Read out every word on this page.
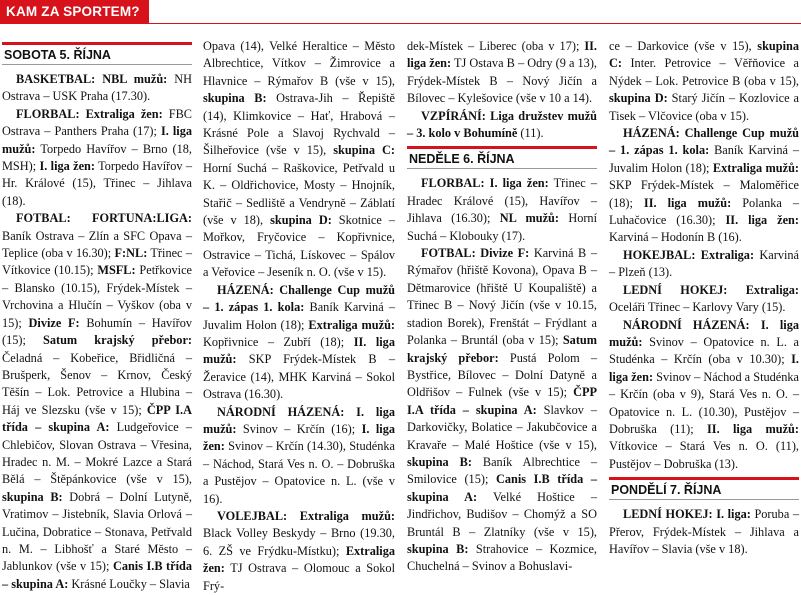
KAM ZA SPORTEM?
SOBOTA 5. ŘÍJNA

BASKETBAL: NBL mužů: NH Ostrava – USK Praha (17.30).

FLORBAL: Extraliga žen: FBC Ostrava – Panthers Praha (17); I. liga mužů: Torpedo Havířov – Brno (18, MSH); I. liga žen: Torpedo Havířov – Hr. Králové (15), Třinec – Jihlava (18).

FOTBAL: FORTUNA:LIGA: Baník Ostrava – Zlín a SFC Opava – Teplice (oba v 16.30); F:NL: Třinec – Vítkovice (10.15); MSFL: Petřkovice – Blansko (10.15), Frýdek-Místek – Vrchovina a Hlučín – Vyškov (oba v 15); Divize F: Bohumín – Havířov (15); Satum krajský přebor: Čeladná – Kobeřice, Břidličná – Brušperk, Šenov – Krnov, Český Těšín – Lok. Petrovice a Hlubina – Háj ve Slezsku (vše v 15); ČPP I.A třída – skupina A: Ludgeřovice – Chlebičov, Slovan Ostrava – Vřesina, Hradec n. M. – Mokré Lazce a Stará Bělá – Štěpánkovice (vše v 15), skupina B: Dobrá – Dolní Lutyně, Vratimov – Jistebník, Slavia Orlová – Lučina, Dobratice – Stonava, Petřvald n. M. – Libhošť a Staré Město – Jablunkov (vše v 15); Canis I.B třída – skupina A: Krásné Loučky – Slavia

Opava (14), Velké Heraltice – Město Albrechtice, Vítkov – Žimrovice a Hlavnice – Rýmařov B (vše v 15), skupina B: Ostrava-Jih – Řepiště (14), Klimkovice – Hať, Hrabová – Krásné Pole a Slavoj Rychvald – Šilheřovice (vše v 15), skupina C: Horní Suchá – Raškovice, Petřvald u K. – Oldřichovice, Mosty – Hnojník, Stařič – Sedliště a Vendryně – Záblatí (vše v 18), skupina D: Skotnice – Mořkov, Fryčovice – Kopřivnice, Ostravice – Tichá, Lískovec – Spálov a Veřovice – Jeseník n. O. (vše v 15).

HÁZENÁ: Challenge Cup mužů – 1. zápas 1. kola: Baník Karviná – Juvalim Holon (18); Extraliga mužů: Kopřivnice – Zubří (18); II. liga mužů: SKP Frýdek-Místek B – Žeravice (14), MHK Karviná – Sokol Ostrava (16.30).

NÁRODNÍ HÁZENÁ: I. liga mužů: Svinov – Krčín (16); I. liga žen: Svinov – Krčín (14.30), Studénka – Náchod, Stará Ves n. O. – Dobruška a Pustějov – Opatovice n. L. (vše v 16).

VOLEJBAL: Extraliga mužů: Black Volley Beskydy – Brno (19.30, 6. ZŠ ve Frýdku-Místku); Extraliga žen: TJ Ostrava – Olomouc a Sokol Frý-

dek-Místek – Liberec (oba v 17); II. liga žen: TJ Ostava B – Odry (9 a 13), Frýdek-Místek B – Nový Jičín a Bílovec – Kylešovice (vše v 10 a 14).

VZPÍRÁNÍ: Liga družstev mužů – 3. kolo v Bohumíně (11).

NEDĚLE 6. ŘÍJNA

FLORBAL: I. liga žen: Třinec – Hradec Králové (15), Havířov – Jihlava (16.30); NL mužů: Horní Suchá – Klobouky (17).

FOTBAL: Divize F: Karviná B – Rýmařov (hřiště Kovona), Opava B – Dětmarovice (hřiště U Koupaliště) a Třinec B – Nový Jičín (vše v 10.15, stadion Borek), Frenštát – Frýdlant a Polanka – Bruntál (oba v 15); Satum krajský přebor: Pustá Polom – Bystřice, Bílovec – Dolní Datyně a Oldřišov – Fulnek (vše v 15); ČPP I.A třída – skupina A: Slavkov – Darkovičky, Bolatice – Jakubčovice a Kravaře – Malé Hoštice (vše v 15), skupina B: Baník Albrechtice – Smilovice (15); Canis I.B třída – skupina A: Velké Hoštice – Jindřichov, Budišov – Chomýž a SO Bruntál B – Zlatníky (vše v 15), skupina B: Strahovice – Kozmice, Chuchelná – Svinov a Bohuslavi-

ce – Darkovice (vše v 15), skupina C: Inter. Petrovice – Věřňovice a Nýdek – Lok. Petrovice B (oba v 15), skupina D: Starý Jičín – Kozlovice a Tisek – Vlčovice (oba v 15).

HÁZENÁ: Challenge Cup mužů – 1. zápas 1. kola: Baník Karviná – Juvalim Holon (18); Extraliga mužů: SKP Frýdek-Místek – Maloměřice (18); II. liga mužů: Polanka – Luhačovice (16.30); II. liga žen: Karviná – Hodonín B (16).

HOKEJBAL: Extraliga: Karviná – Plzeň (13).

LEDNÍ HOKEJ: Extraliga: Oceláři Třinec – Karlovy Vary (15).

NÁRODNÍ HÁZENÁ: I. liga mužů: Svinov – Opatovice n. L. a Studénka – Krčín (oba v 10.30); I. liga žen: Svinov – Náchod a Studénka – Krčín (oba v 9), Stará Ves n. O. – Opatovice n. L. (10.30), Pustějov – Dobruška (11); II. liga mužů: Vítkovice – Stará Ves n. O. (11), Pustějov – Dobruška (13).

PONDĚLÍ 7. ŘÍJNA

LEDNÍ HOKEJ: I. liga: Poruba – Přerov, Frýdek-Místek – Jihlava a Havířov – Slavia (vše v 18).
